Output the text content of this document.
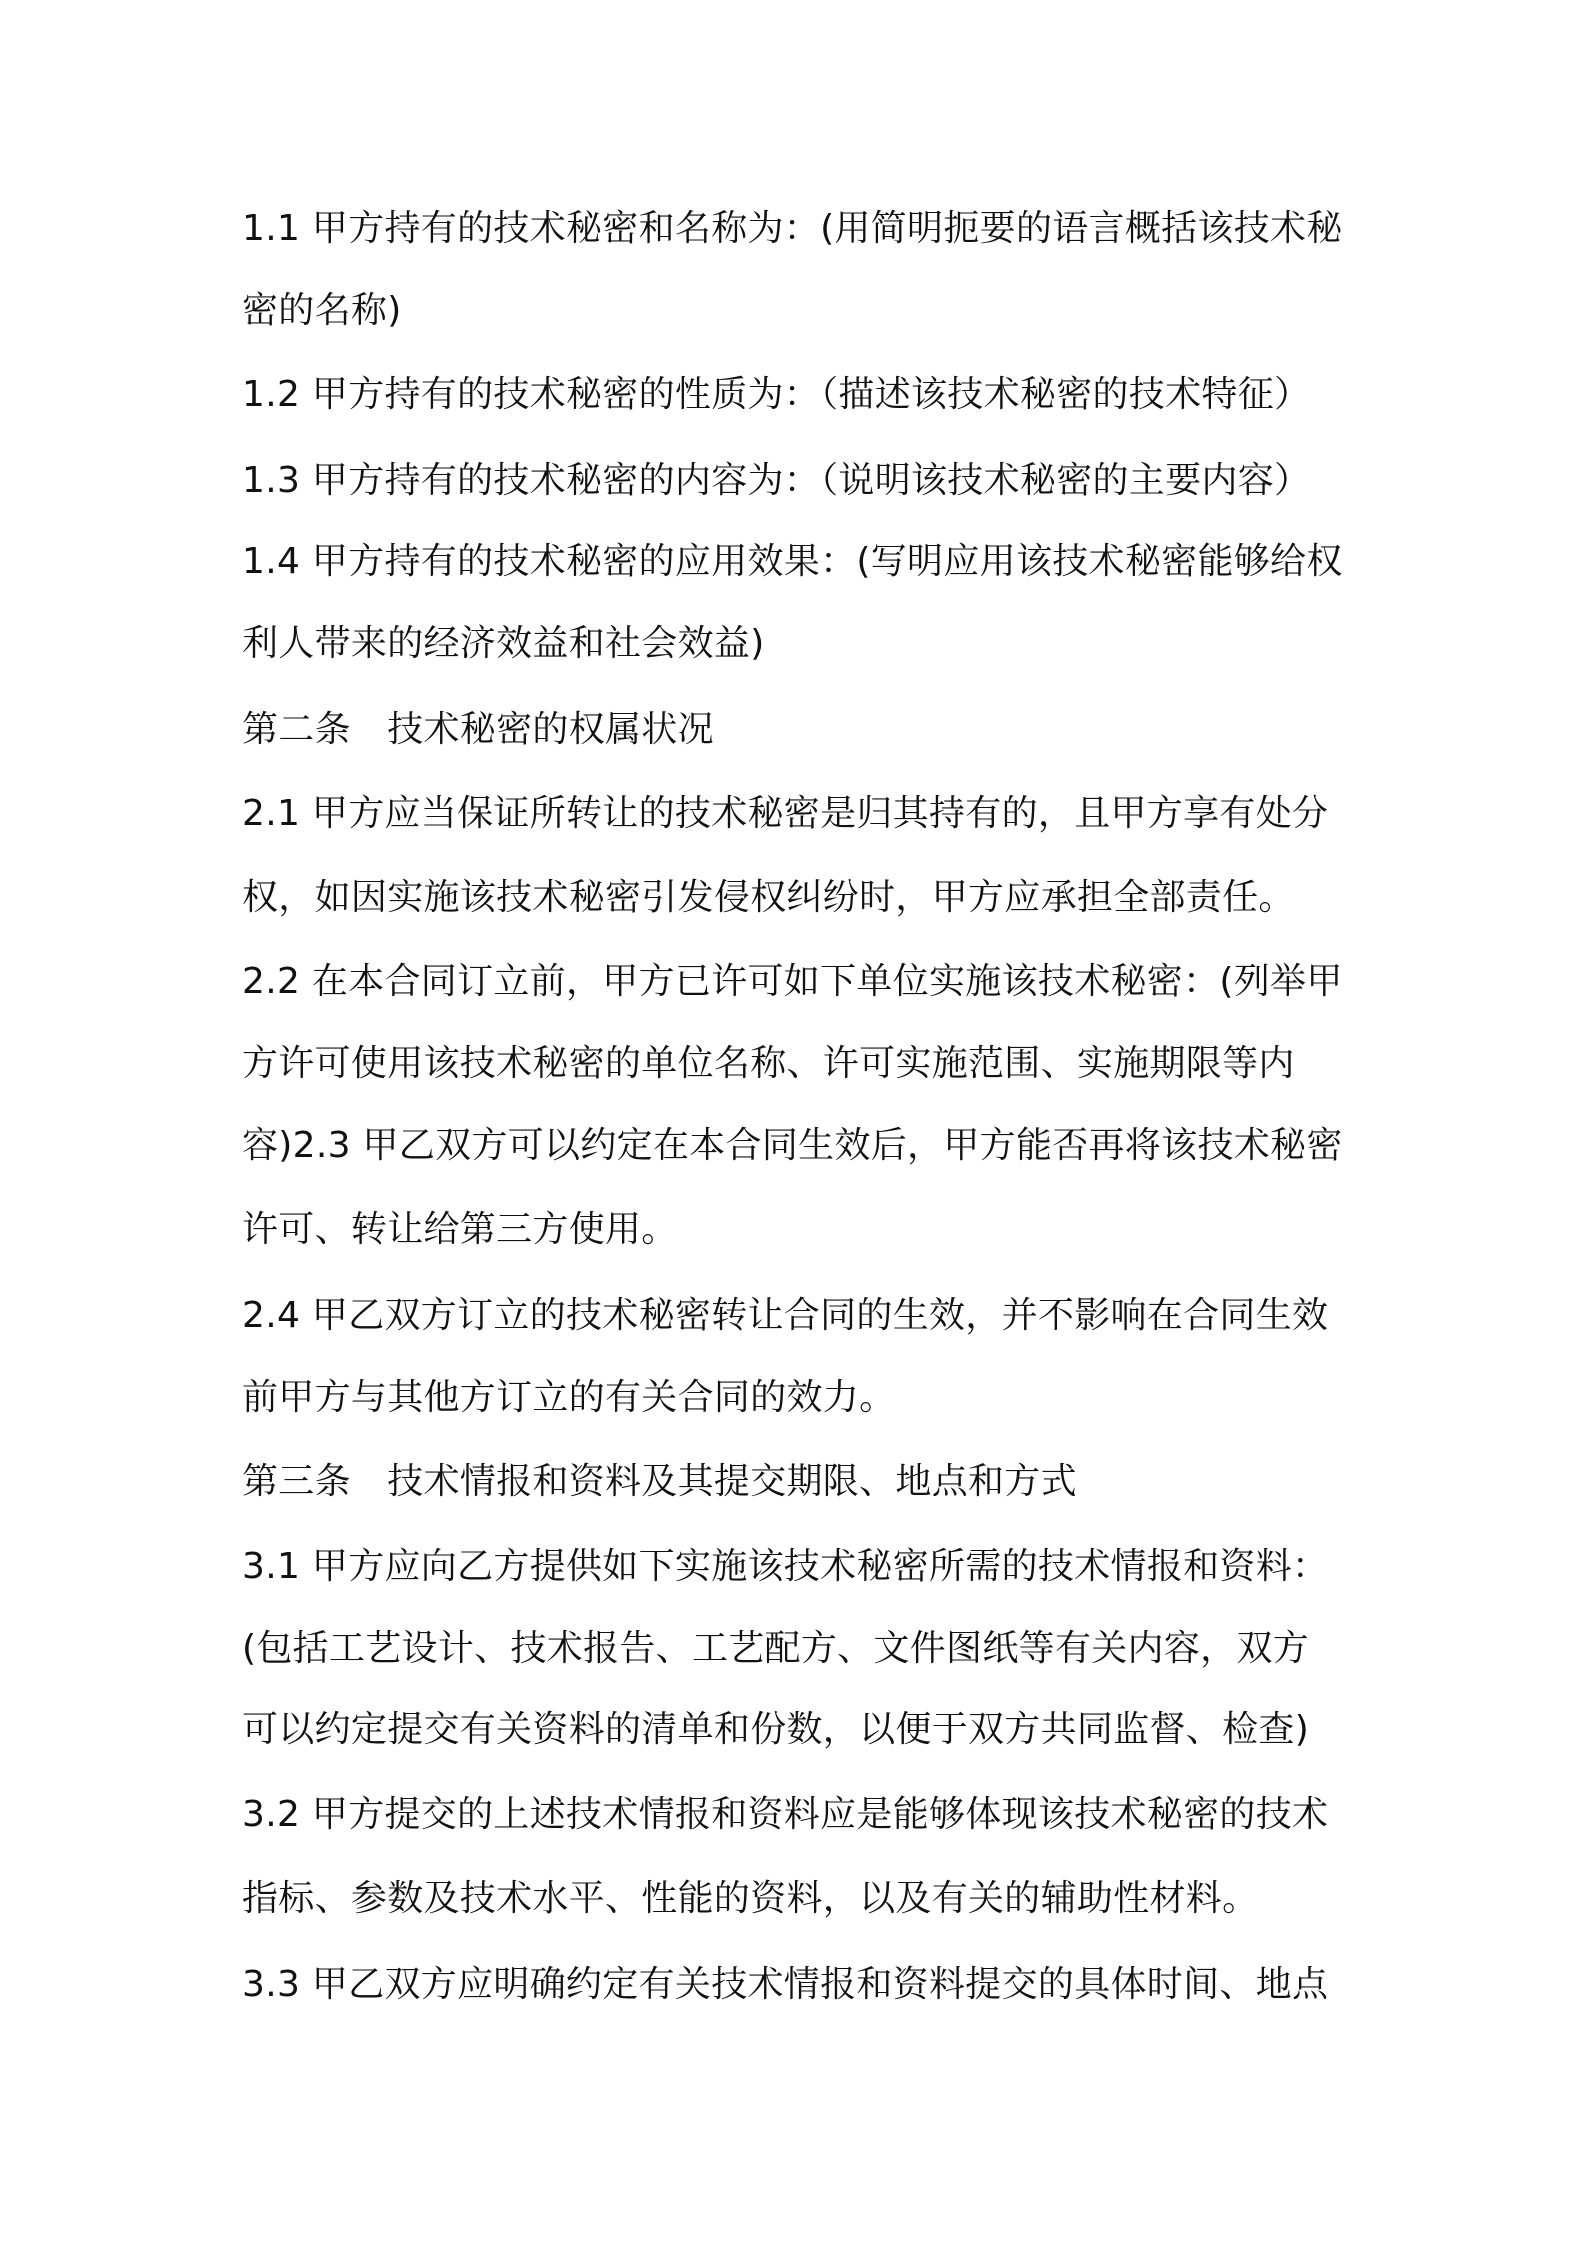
1.1 甲方持有的技术秘密和名称为：(用简明扼要的语言概括该技术秘

密的名称)

1.2 甲方持有的技术秘密的性质为：（描述该技术秘密的技术特征）

1.3 甲方持有的技术秘密的内容为：（说明该技术秘密的主要内容）

1.4 甲方持有的技术秘密的应用效果：(写明应用该技术秘密能够给权

利人带来的经济效益和社会效益)

第二条　技术秘密的权属状况

2.1 甲方应当保证所转让的技术秘密是归其持有的，且甲方享有处分

权，如因实施该技术秘密引发侵权纠纷时，甲方应承担全部责任。

2.2 在本合同订立前，甲方已许可如下单位实施该技术秘密：(列举甲

方许可使用该技术秘密的单位名称、许可实施范围、实施期限等内

容)2.3 甲乙双方可以约定在本合同生效后，甲方能否再将该技术秘密

许可、转让给第三方使用。

2.4 甲乙双方订立的技术秘密转让合同的生效，并不影响在合同生效

前甲方与其他方订立的有关合同的效力。

第三条　技术情报和资料及其提交期限、地点和方式

3.1 甲方应向乙方提供如下实施该技术秘密所需的技术情报和资料：

(包括工艺设计、技术报告、工艺配方、文件图纸等有关内容，双方

可以约定提交有关资料的清单和份数，以便于双方共同监督、检查)

3.2 甲方提交的上述技术情报和资料应是能够体现该技术秘密的技术

指标、参数及技术水平、性能的资料，以及有关的辅助性材料。

3.3 甲乙双方应明确约定有关技术情报和资料提交的具体时间、地点
